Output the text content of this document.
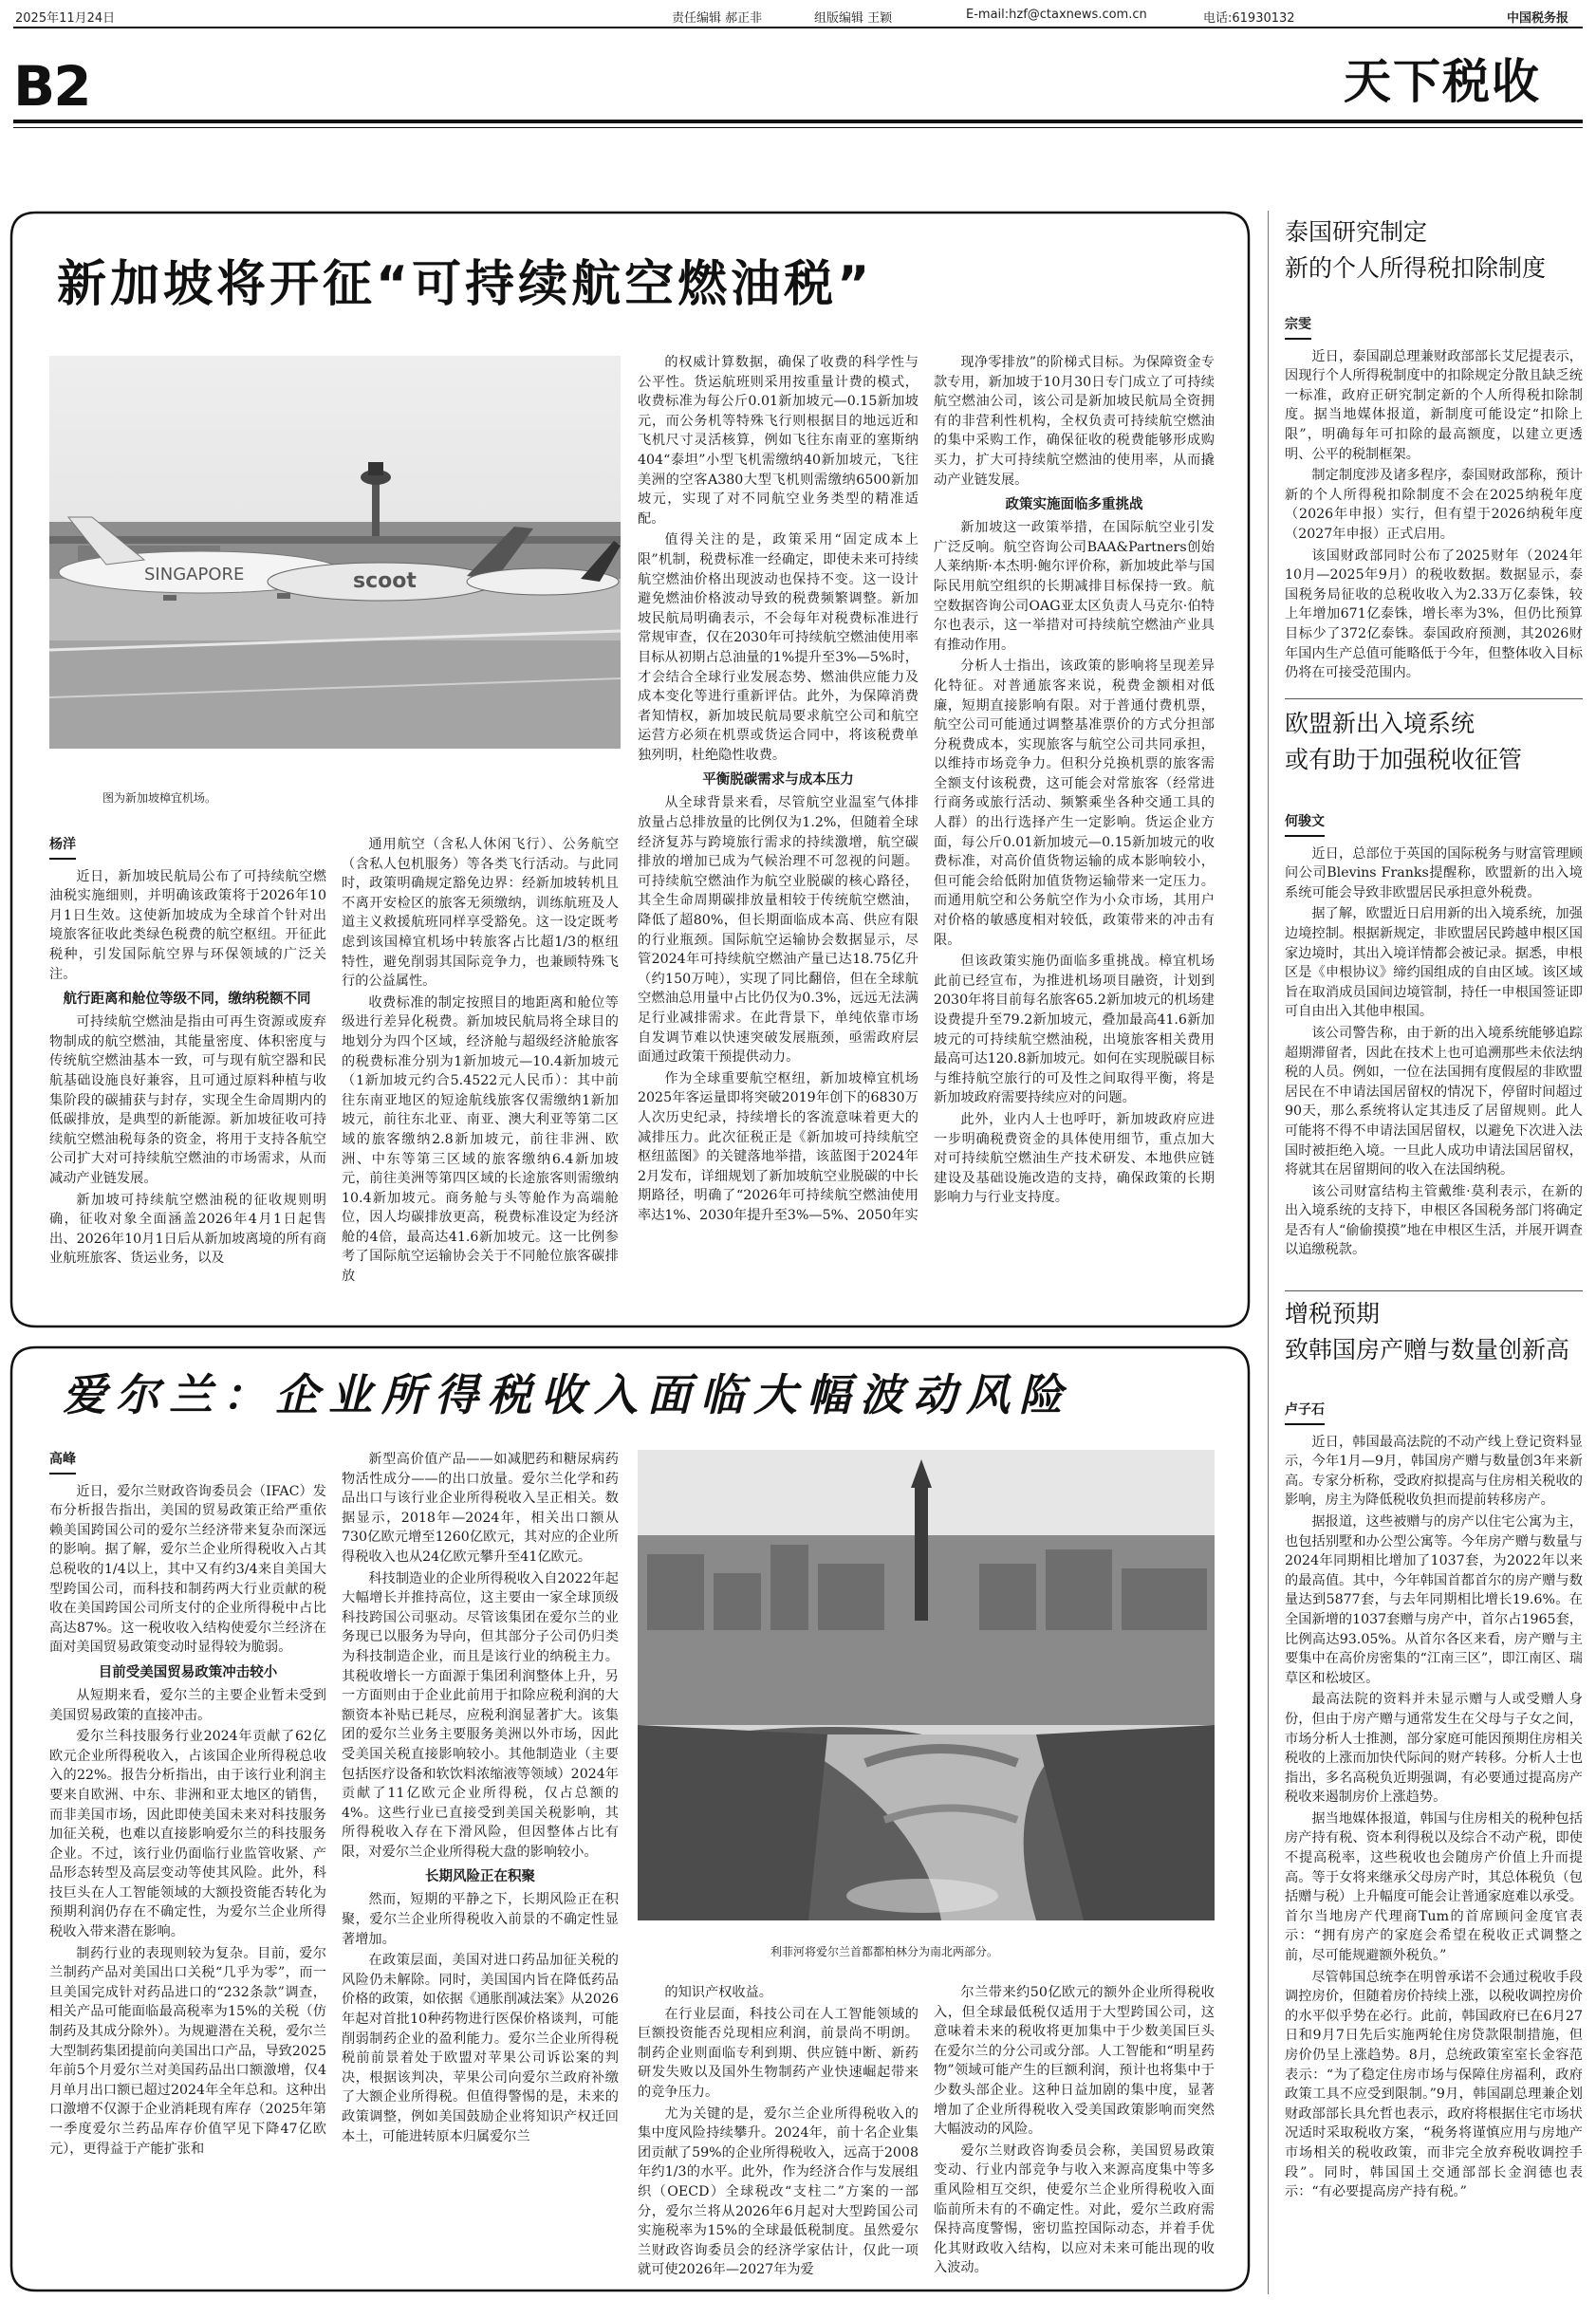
2025年11月24日	责任编辑 郝正非	组版编辑 王颖	E-mail:hzf@ctaxnews.com.cn	电话:61930132	中国税务报
B2	天下税收
新加坡将开征“可持续航空燃油税”
SINGAPORE	scoot
图为新加坡樟宜机场。
杨洋

近日，新加坡民航局公布了可持续航空燃油税实施细则，并明确该政策将于2026年10月1日生效。这使新加坡成为全球首个针对出境旅客征收此类绿色税费的航空枢纽。开征此税种，引发国际航空界与环保领域的广泛关注。

航行距离和舱位等级不同，缴纳税额不同

可持续航空燃油是指由可再生资源或废弃物制成的航空燃油，其能量密度、体积密度与传统航空燃油基本一致，可与现有航空器和民航基础设施良好兼容，且可通过原料种植与收集阶段的碳捕获与封存，实现全生命周期内的低碳排放，是典型的新能源。新加坡征收可持续航空燃油税每条的资金，将用于支持各航空公司扩大对可持续航空燃油的市场需求，从而减动产业链发展。

新加坡可持续航空燃油税的征收规则明确，征收对象全面涵盖2026年4月1日起售出、2026年10月1日后从新加坡离境的所有商业航班旅客、货运业务，以及

通用航空（含私人休闲飞行）、公务航空（含私人包机服务）等各类飞行活动。与此同时，政策明确规定豁免边界：经新加坡转机且不离开安检区的旅客无须缴纳，训练航班及人道主义救援航班同样享受豁免。这一设定既考虑到该国樟宜机场中转旅客占比超1/3的枢纽特性，避免削弱其国际竞争力，也兼顾特殊飞行的公益属性。

收费标准的制定按照目的地距离和舱位等级进行差异化税费。新加坡民航局将全球目的地划分为四个区域，经济舱与超级经济舱旅客的税费标准分别为1新加坡元—10.4新加坡元（1新加坡元约合5.4522元人民币）：其中前往东南亚地区的短途航线旅客仅需缴纳1新加坡元，前往东北亚、南亚、澳大利亚等第二区域的旅客缴纳2.8新加坡元，前往非洲、欧洲、中东等第三区域的旅客缴纳6.4新加坡元，前往美洲等第四区域的长途旅客则需缴纳10.4新加坡元。商务舱与头等舱作为高端舱位，因人均碳排放更高，税费标准设定为经济舱的4倍，最高达41.6新加坡元。这一比例参考了国际航空运输协会关于不同舱位旅客碳排放

的权威计算数据，确保了收费的科学性与公平性。货运航班则采用按重量计费的模式，收费标准为每公斤0.01新加坡元—0.15新加坡元，而公务机等特殊飞行则根据目的地远近和飞机尺寸灵活核算，例如飞往东南亚的塞斯纳404“泰坦”小型飞机需缴纳40新加坡元，飞往美洲的空客A380大型飞机则需缴纳6500新加坡元，实现了对不同航空业务类型的精准适配。

值得关注的是，政策采用“固定成本上限”机制，税费标准一经确定，即使未来可持续航空燃油价格出现波动也保持不变。这一设计避免燃油价格波动导致的税费频繁调整。新加坡民航局明确表示，不会每年对税费标准进行常规审查，仅在2030年可持续航空燃油使用率目标从初期占总油量的1%提升至3%—5%时，才会结合全球行业发展态势、燃油供应能力及成本变化等进行重新评估。此外，为保障消费者知情权，新加坡民航局要求航空公司和航空运营方必须在机票或货运合同中，将该税费单独列明，杜绝隐性收费。

平衡脱碳需求与成本压力

从全球背景来看，尽管航空业温室气体排放量占总排放量的比例仅为1.2%，但随着全球经济复苏与跨境旅行需求的持续激增，航空碳排放的增加已成为气候治理不可忽视的问题。可持续航空燃油作为航空业脱碳的核心路径，其全生命周期碳排放量相较于传统航空燃油，降低了超80%，但长期面临成本高、供应有限的行业瓶颈。国际航空运输协会数据显示，尽管2024年可持续航空燃油产量已达18.75亿升（约150万吨），实现了同比翻倍，但在全球航空燃油总用量中占比仍仅为0.3%，远远无法满足行业减排需求。在此背景下，单纯依靠市场自发调节难以快速突破发展瓶颈，亟需政府层面通过政策干预提供动力。

作为全球重要航空枢纽，新加坡樟宜机场2025年客运量即将突破2019年创下的6830万人次历史纪录，持续增长的客流意味着更大的减排压力。此次征税正是《新加坡可持续航空枢纽蓝图》的关键落地举措，该蓝图于2024年2月发布，详细规划了新加坡航空业脱碳的中长期路径，明确了“2026年可持续航空燃油使用率达1%、2030年提升至3%—5%、2050年实

现净零排放”的阶梯式目标。为保障资金专款专用，新加坡于10月30日专门成立了可持续航空燃油公司，该公司是新加坡民航局全资拥有的非营利性机构，全权负责可持续航空燃油的集中采购工作，确保征收的税费能够形成购买力，扩大可持续航空燃油的使用率，从而撬动产业链发展。

政策实施面临多重挑战

新加坡这一政策举措，在国际航空业引发广泛反响。航空咨询公司BAA&Partners创始人莱纳斯·本杰明·鲍尔评价称，新加坡此举与国际民用航空组织的长期减排目标保持一致。航空数据咨询公司OAG亚太区负责人马克尔·伯特尔也表示，这一举措对可持续航空燃油产业具有推动作用。

分析人士指出，该政策的影响将呈现差异化特征。对普通旅客来说，税费金额相对低廉，短期直接影响有限。对于普通付费机票，航空公司可能通过调整基准票价的方式分担部分税费成本，实现旅客与航空公司共同承担，以维持市场竞争力。但积分兑换机票的旅客需全额支付该税费，这可能会对常旅客（经常进行商务或旅行活动、频繁乘坐各种交通工具的人群）的出行选择产生一定影响。货运企业方面，每公斤0.01新加坡元—0.15新加坡元的收费标准，对高价值货物运输的成本影响较小，但可能会给低附加值货物运输带来一定压力。而通用航空和公务航空作为小众市场，其用户对价格的敏感度相对较低，政策带来的冲击有限。

但该政策实施仍面临多重挑战。樟宜机场此前已经宣布，为推进机场项目融资，计划到2030年将目前每名旅客65.2新加坡元的机场建设费提升至79.2新加坡元，叠加最高41.6新加坡元的可持续航空燃油税，出境旅客相关费用最高可达120.8新加坡元。如何在实现脱碳目标与维持航空旅行的可及性之间取得平衡，将是新加坡政府需要持续应对的问题。

此外，业内人士也呼吁，新加坡政府应进一步明确税费资金的具体使用细节，重点加大对可持续航空燃油生产技术研发、本地供应链建设及基础设施改造的支持，确保政策的长期影响力与行业支持度。

爱尔兰：企业所得税收入面临大幅波动风险
高峰

近日，爱尔兰财政咨询委员会（IFAC）发布分析报告指出，美国的贸易政策正给严重依赖美国跨国公司的爱尔兰经济带来复杂而深远的影响。据了解，爱尔兰企业所得税收入占其总税收的1/4以上，其中又有约3/4来自美国大型跨国公司，而科技和制药两大行业贡献的税收在美国跨国公司所支付的企业所得税中占比高达87%。这一税收收入结构使爱尔兰经济在面对美国贸易政策变动时显得较为脆弱。

目前受美国贸易政策冲击较小

从短期来看，爱尔兰的主要企业暂未受到美国贸易政策的直接冲击。

爱尔兰科技服务行业2024年贡献了62亿欧元企业所得税收入，占该国企业所得税总收入的22%。报告分析指出，由于该行业利润主要来自欧洲、中东、非洲和亚太地区的销售，而非美国市场，因此即使美国未来对科技服务加征关税，也难以直接影响爱尔兰的科技服务企业。不过，该行业仍面临行业监管收紧、产品形态转型及高层变动等使其风险。此外，科技巨头在人工智能领域的大额投资能否转化为预期利润仍存在不确定性，为爱尔兰企业所得税收入带来潜在影响。

制药行业的表现则较为复杂。目前，爱尔兰制药产品对美国出口关税“几乎为零”，而一旦美国完成针对药品进口的“232条款”调查，相关产品可能面临最高税率为15%的关税（仿制药及其成分除外）。为规避潜在关税，爱尔兰大型制药集团提前向美国出口产品，导致2025年前5个月爱尔兰对美国药品出口额激增，仅4月单月出口额已超过2024年全年总和。这种出口激增不仅源于企业消耗现有库存（2025年第一季度爱尔兰药品库存价值罕见下降47亿欧元），更得益于产能扩张和

新型高价值产品——如减肥药和糖尿病药物活性成分——的出口放量。爱尔兰化学和药品出口与该行业企业所得税收入呈正相关。数据显示，2018年—2024年，相关出口额从730亿欧元增至1260亿欧元，其对应的企业所得税收入也从24亿欧元攀升至41亿欧元。

科技制造业的企业所得税收入自2022年起大幅增长并推持高位，这主要由一家全球顶级科技跨国公司驱动。尽管该集团在爱尔兰的业务现已以服务为导向，但其部分子公司仍归类为科技制造企业，而且是该行业的纳税主力。其税收增长一方面源于集团利润整体上升，另一方面则由于企业此前用于扣除应税利润的大额资本补贴已耗尽，应税利润显著扩大。该集团的爱尔兰业务主要服务美洲以外市场，因此受美国关税直接影响较小。其他制造业（主要包括医疗设备和软饮料浓缩液等领域）2024年贡献了11亿欧元企业所得税，仅占总额的4%。这些行业已直接受到美国关税影响，其所得税收入存在下滑风险，但因整体占比有限，对爱尔兰企业所得税大盘的影响较小。

长期风险正在积聚

然而，短期的平静之下，长期风险正在积聚，爱尔兰企业所得税收入前景的不确定性显著增加。

在政策层面，美国对进口药品加征关税的风险仍未解除。同时，美国国内旨在降低药品价格的政策，如依据《通胀削减法案》从2026年起对首批10种药物进行医保价格谈判，可能削弱制药企业的盈利能力。爱尔兰企业所得税税前前景着处于欧盟对苹果公司诉讼案的判决，根据该判决，苹果公司向爱尔兰政府补缴了大额企业所得税。但值得警惕的是，未来的政策调整，例如美国鼓励企业将知识产权迁回本土，可能进转原本归属爱尔兰

利菲河将爱尔兰首都都柏林分为南北两部分。

的知识产权收益。

在行业层面，科技公司在人工智能领域的巨额投资能否兑现相应利润，前景尚不明朗。制药企业则面临专利到期、供应链中断、新药研发失败以及国外生物制药产业快速崛起带来的竞争压力。

尤为关键的是，爱尔兰企业所得税收入的集中度风险持续攀升。2024年，前十名企业集团贡献了59%的企业所得税收入，远高于2008年约1/3的水平。此外，作为经济合作与发展组织（OECD）全球税改“支柱二”方案的一部分，爱尔兰将从2026年6月起对大型跨国公司实施税率为15%的全球最低税制度。虽然爱尔兰财政咨询委员会的经济学家估计，仅此一项就可使2026年—2027年为爱

尔兰带来约50亿欧元的额外企业所得税收入，但全球最低税仅适用于大型跨国公司，这意味着未来的税收将更加集中于少数美国巨头在爱尔兰的分公司或分部。人工智能和“明星药物”领域可能产生的巨额利润，预计也将集中于少数头部企业。这种日益加剧的集中度，显著增加了企业所得税收入受美国政策影响而突然大幅波动的风险。

爱尔兰财政咨询委员会称，美国贸易政策变动、行业内部竞争与收入来源高度集中等多重风险相互交织，使爱尔兰企业所得税收入面临前所未有的不确定性。对此，爱尔兰政府需保持高度警惕，密切监控国际动态，并着手优化其财政收入结构，以应对未来可能出现的收入波动。

泰国研究制定
新的个人所得税扣除制度
宗雯

近日，泰国副总理兼财政部部长艾尼提表示，因现行个人所得税制度中的扣除规定分散且缺乏统一标准，政府正研究制定新的个人所得税扣除制度。据当地媒体报道，新制度可能设定“扣除上限”，明确每年可扣除的最高额度，以建立更透明、公平的税制框架。

制定制度涉及诸多程序，泰国财政部称，预计新的个人所得税扣除制度不会在2025纳税年度（2026年申报）实行，但有望于2026纳税年度（2027年申报）正式启用。

该国财政部同时公布了2025财年（2024年10月—2025年9月）的税收数据。数据显示，泰国税务局征收的总税收收入为2.33万亿泰铢，较上年增加671亿泰铢，增长率为3%，但仍比预算目标少了372亿泰铢。泰国政府预测，其2026财年国内生产总值可能略低于今年，但整体收入目标仍将在可接受范围内。

欧盟新出入境系统
或有助于加强税收征管
何骏文

近日，总部位于英国的国际税务与财富管理顾问公司Blevins Franks提醒称，欧盟新的出入境系统可能会导致非欧盟居民承担意外税费。

据了解，欧盟近日启用新的出入境系统，加强边境控制。根据新规定，非欧盟居民跨越申根区国家边境时，其出入境详情都会被记录。据悉，申根区是《申根协议》缔约国组成的自由区域。该区域旨在取消成员国间边境管制，持任一申根国签证即可自由出入其他申根国。

该公司警告称，由于新的出入境系统能够追踪超期滞留者，因此在技术上也可追溯那些未依法纳税的人员。例如，一位在法国拥有度假屋的非欧盟居民在不申请法国居留权的情况下，停留时间超过90天，那么系统将认定其违反了居留规则。此人可能将不得不申请法国居留权，以避免下次进入法国时被拒绝入境。一旦此人成功申请法国居留权，将就其在居留期间的收入在法国纳税。

该公司财富结构主管戴维·莫利表示，在新的出入境系统的支持下，申根区各国税务部门将确定是否有人“偷偷摸摸”地在申根区生活，并展开调查以追缴税款。

增税预期
致韩国房产赠与数量创新高
卢子石

近日，韩国最高法院的不动产线上登记资料显示，今年1月—9月，韩国房产赠与数量创3年来新高。专家分析称，受政府拟提高与住房相关税收的影响，房主为降低税收负担而提前转移房产。

据报道，这些被赠与的房产以住宅公寓为主，也包括别墅和办公型公寓等。今年房产赠与数量与2024年同期相比增加了1037套，为2022年以来的最高值。其中，今年韩国首都首尔的房产赠与数量达到5877套，与去年同期相比增长19.6%。在全国新增的1037套赠与房产中，首尔占1965套，比例高达93.05%。从首尔各区来看，房产赠与主要集中在高价房密集的“江南三区”，即江南区、瑞草区和松坡区。

最高法院的资料并未显示赠与人或受赠人身份，但由于房产赠与通常发生在父母与子女之间，市场分析人士推测，部分家庭可能因预期住房相关税收的上涨而加快代际间的财产转移。分析人士也指出，多名高税负近期强调，有必要通过提高房产税收来遏制房价上涨趋势。

据当地媒体报道，韩国与住房相关的税种包括房产持有税、资本利得税以及综合不动产税，即使不提高税率，这些税收也会随房产价值上升而提高。等于女将来继承父母房产时，其总体税负（包括赠与税）上升幅度可能会让普通家庭难以承受。首尔当地房产代理商Tum的首席顾问金度官表示：“拥有房产的家庭会希望在税收正式调整之前，尽可能规避额外税负。”

尽管韩国总统李在明曾承诺不会通过税收手段调控房价，但随着房价持续上涨，以税收调控房价的水平似乎势在必行。此前，韩国政府已在6月27日和9月7日先后实施两轮住房贷款限制措施，但房价仍呈上涨趋势。8月，总统政策室室长金容范表示：“为了稳定住房市场与保障住房福利，政府政策工具不应受到限制。”9月，韩国副总理兼企划财政部部长具允哲也表示，政府将根据住宅市场状况适时采取税收方案，“税务将谨慎应用与房地产市场相关的税收政策，而非完全放弃税收调控手段”。同时，韩国国土交通部部长金润德也表示：“有必要提高房产持有税。”
